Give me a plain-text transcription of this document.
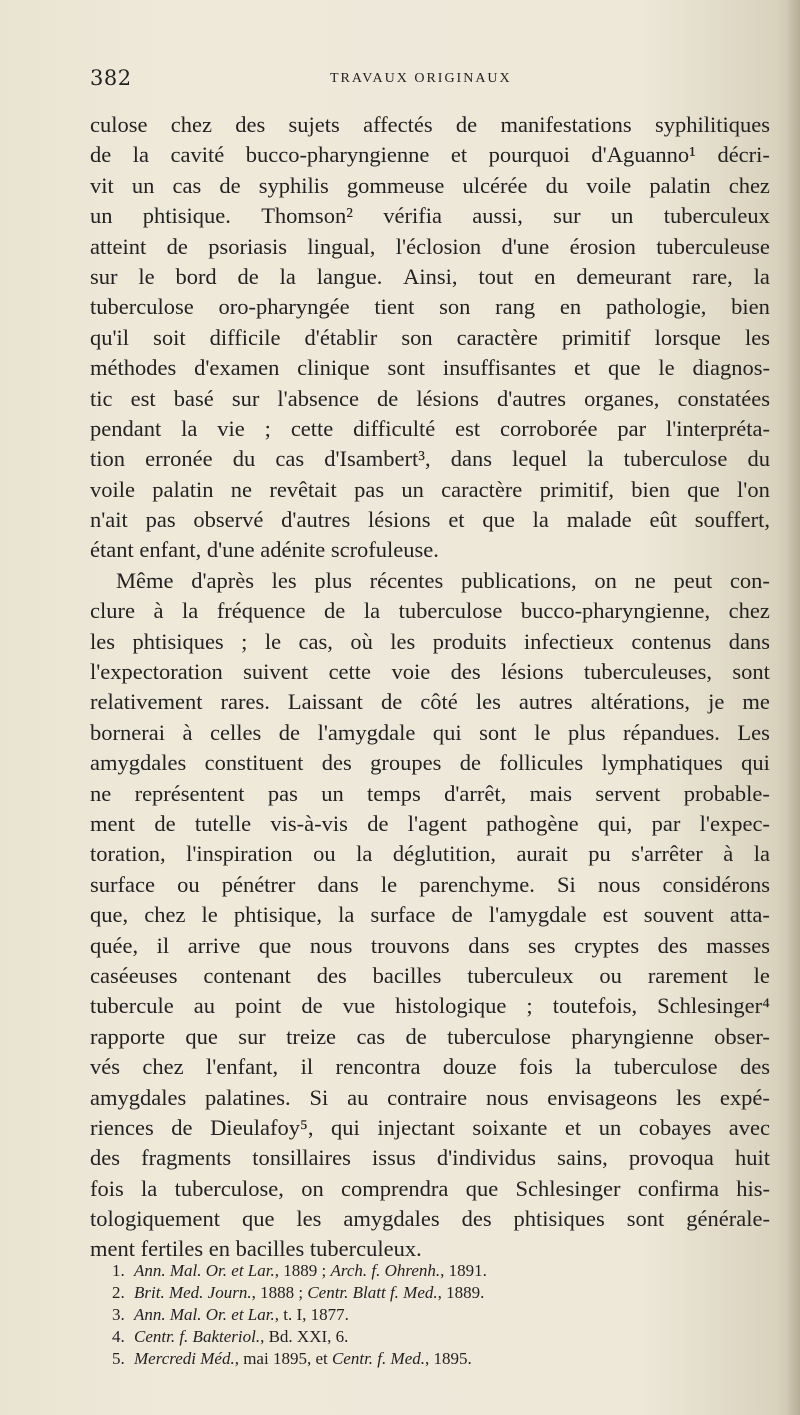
382	TRAVAUX ORIGINAUX
culose chez des sujets affectés de manifestations syphilitiques
de la cavité bucco-pharyngienne et pourquoi d'Aguanno¹ décri-
vit un cas de syphilis gommeuse ulcérée du voile palatin chez
un phtisique. Thomson² vérifia aussi, sur un tuberculeux
atteint de psoriasis lingual, l'éclosion d'une érosion tuberculeuse
sur le bord de la langue. Ainsi, tout en demeurant rare, la
tuberculose oro-pharyngée tient son rang en pathologie, bien
qu'il soit difficile d'établir son caractère primitif lorsque les
méthodes d'examen clinique sont insuffisantes et que le diagnos-
tic est basé sur l'absence de lésions d'autres organes, constatées
pendant la vie ; cette difficulté est corroborée par l'interpréta-
tion erronée du cas d'Isambert³, dans lequel la tuberculose du
voile palatin ne revêtait pas un caractère primitif, bien que l'on
n'ait pas observé d'autres lésions et que la malade eût souffert,
étant enfant, d'une adénite scrofuleuse.
Même d'après les plus récentes publications, on ne peut con-
clure à la fréquence de la tuberculose bucco-pharyngienne, chez
les phtisiques ; le cas, où les produits infectieux contenus dans
l'expectoration suivent cette voie des lésions tuberculeuses, sont
relativement rares. Laissant de côté les autres altérations, je me
bornerai à celles de l'amygdale qui sont le plus répandues. Les
amygdales constituent des groupes de follicules lymphatiques qui
ne représentent pas un temps d'arrêt, mais servent probable-
ment de tutelle vis-à-vis de l'agent pathogène qui, par l'expec-
toration, l'inspiration ou la déglutition, aurait pu s'arrêter à la
surface ou pénétrer dans le parenchyme. Si nous considérons
que, chez le phtisique, la surface de l'amygdale est souvent atta-
quée, il arrive que nous trouvons dans ses cryptes des masses
caséeuses contenant des bacilles tuberculeux ou rarement le
tubercule au point de vue histologique ; toutefois, Schlesinger⁴
rapporte que sur treize cas de tuberculose pharyngienne obser-
vés chez l'enfant, il rencontra douze fois la tuberculose des
amygdales palatines. Si au contraire nous envisageons les expé-
riences de Dieulafoy⁵, qui injectant soixante et un cobayes avec
des fragments tonsillaires issus d'individus sains, provoqua huit
fois la tuberculose, on comprendra que Schlesinger confirma his-
tologiquement que les amygdales des phtisiques sont générale-
ment fertiles en bacilles tuberculeux.
1. Ann. Mal. Or. et Lar., 1889 ; Arch. f. Ohrenh., 1891.
2. Brit. Med. Journ., 1888 ; Centr. Blatt f. Med., 1889.
3. Ann. Mal. Or. et Lar., t. I, 1877.
4. Centr. f. Bakteriol., Bd. XXI, 6.
5. Mercredi Méd., mai 1895, et Centr. f. Med., 1895.
